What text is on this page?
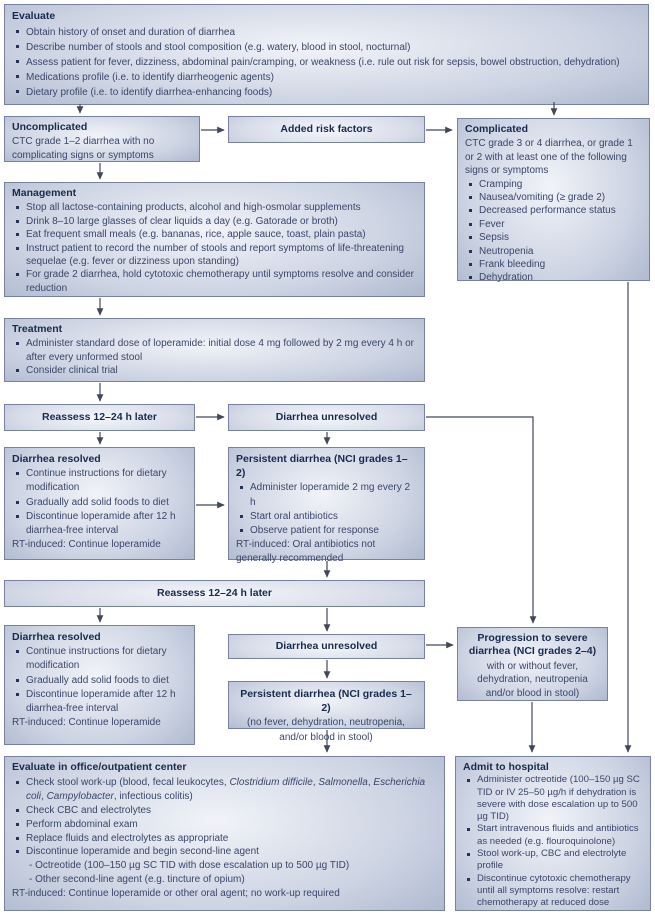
Evaluate
Obtain history of onset and duration of diarrhea
Describe number of stools and stool composition (e.g. watery, blood in stool, nocturnal)
Assess patient for fever, dizziness, abdominal pain/cramping, or weakness (i.e. rule out risk for sepsis, bowel obstruction, dehydration)
Medications profile (i.e. to identify diarrheogenic agents)
Dietary profile (i.e. to identify diarrhea-enhancing foods)
Uncomplicated
CTC grade 1–2 diarrhea with no complicating signs or symptoms
Added risk factors	Complicated
CTC grade 3 or 4 diarrhea, or grade 1 or 2 with at least one of the following signs or symptoms
Cramping
Nausea/vomiting (≥ grade 2)
Decreased performance status
Fever
Sepsis
Neutropenia
Frank bleeding
Dehydration
Management
Stop all lactose-containing products, alcohol and high-osmolar supplements
Drink 8–10 large glasses of clear liquids a day (e.g. Gatorade or broth)
Eat frequent small meals (e.g. bananas, rice, apple sauce, toast, plain pasta)
Instruct patient to record the number of stools and report symptoms of life-threatening sequelae (e.g. fever or dizziness upon standing)
For grade 2 diarrhea, hold cytotoxic chemotherapy until symptoms resolve and consider reduction
Treatment
Administer standard dose of loperamide: initial dose 4 mg followed by 2 mg every 4 h or after every unformed stool
Consider clinical trial
Reassess 12–24 h later	Diarrhea unresolved
Diarrhea resolved
Continue instructions for dietary modification
Gradually add solid foods to diet
Discontinue loperamide after 12 h diarrhea-free interval
RT-induced: Continue loperamide
Persistent diarrhea (NCI grades 1–2)
Administer loperamide 2 mg every 2 h
Start oral antibiotics
Observe patient for response
RT-induced: Oral antibiotics not generally recommended
Reassess 12–24 h later
Diarrhea resolved
Continue instructions for dietary modification
Gradually add solid foods to diet
Discontinue loperamide after 12 h diarrhea-free interval
RT-induced: Continue loperamide
Diarrhea unresolved
Persistent diarrhea (NCI grades 1–2)
(no fever, dehydration, neutropenia, and/or blood in stool)
Progression to severe diarrhea (NCI grades 2–4)
with or without fever, dehydration, neutropenia and/or blood in stool)
Evaluate in office/outpatient center
Check stool work-up (blood, fecal leukocytes, Clostridium difficile, Salmonella, Escherichia coli, Campylobacter, infectious colitis)
Check CBC and electrolytes
Perform abdominal exam
Replace fluids and electrolytes as appropriate
Discontinue loperamide and begin second-line agent
- Octreotide (100–150 µg SC TID with dose escalation up to 500 µg TID)
- Other second-line agent (e.g. tincture of opium)
RT-induced: Continue loperamide or other oral agent; no work-up required
Admit to hospital
Administer octreotide (100–150 µg SC TID or IV 25–50 µg/h if dehydration is severe with dose escalation up to 500 µg TID)
Start intravenous fluids and antibiotics as needed (e.g. flouroquinolone)
Stool work-up, CBC and electrolyte profile
Discontinue cytotoxic chemotherapy until all symptoms resolve: restart chemotherapy at reduced dose
